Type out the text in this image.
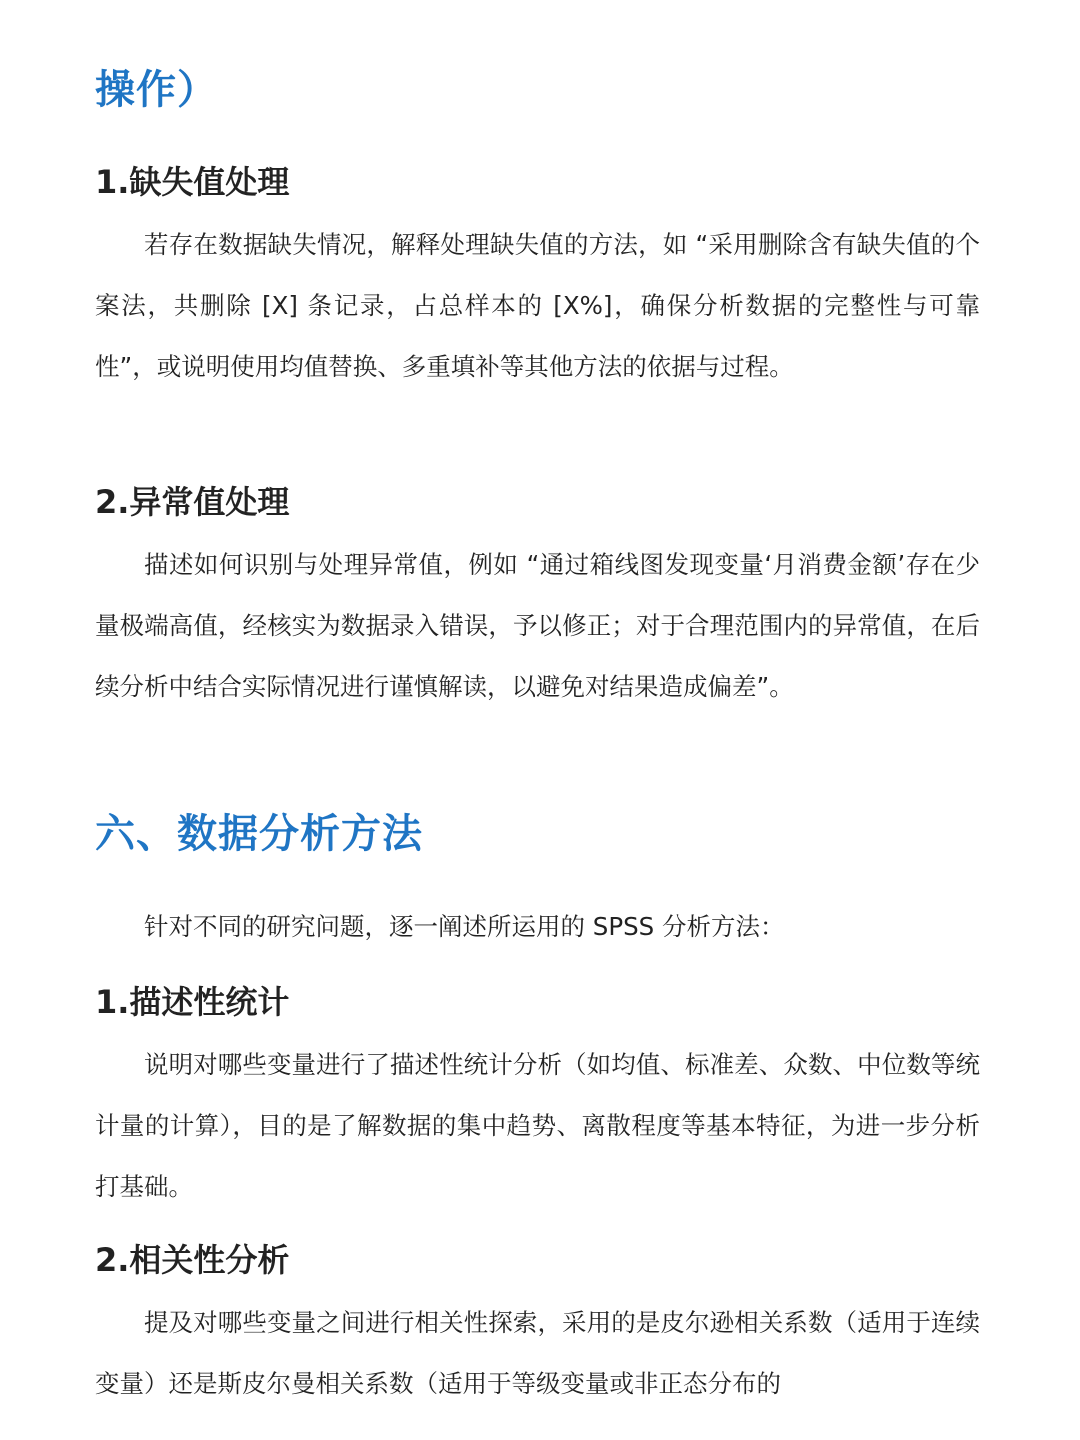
操作）
1.缺失值处理

若存在数据缺失情况，解释处理缺失值的方法，如 “采用删除含有缺失值的个案法，共删除 [X] 条记录，占总样本的 [X%]，确保分析数据的完整性与可靠性”，或说明使用均值替换、多重填补等其他方法的依据与过程。

2.异常值处理

描述如何识别与处理异常值，例如 “通过箱线图发现变量‘月消费金额’存在少量极端高值，经核实为数据录入错误，予以修正；对于合理范围内的异常值，在后续分析中结合实际情况进行谨慎解读，以避免对结果造成偏差”。

六、数据分析方法

针对不同的研究问题，逐一阐述所运用的 SPSS 分析方法：

1.描述性统计

说明对哪些变量进行了描述性统计分析（如均值、标准差、众数、中位数等统计量的计算），目的是了解数据的集中趋势、离散程度等基本特征，为进一步分析打基础。

2.相关性分析

提及对哪些变量之间进行相关性探索，采用的是皮尔逊相关系数（适用于连续变量）还是斯皮尔曼相关系数（适用于等级变量或非正态分布的
